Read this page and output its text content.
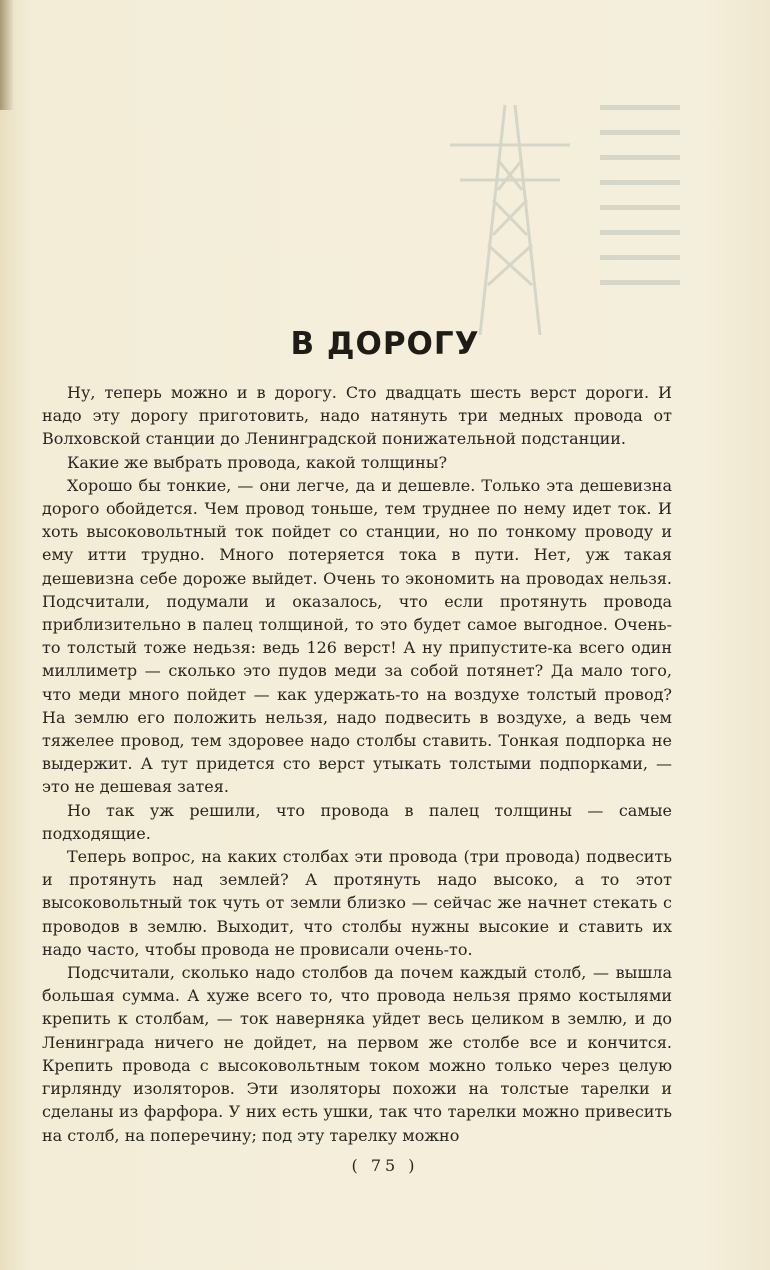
В ДОРОГУ

Ну, теперь можно и в дорогу. Сто двадцать шесть верст дороги. И надо эту дорогу приготовить, надо натянуть три медных провода от Волховской станции до Ленинградской понижательной подстанции.

Какие же выбрать провода, какой толщины?

Хорошо бы тонкие, — они легче, да и дешевле. Только эта дешевизна дорого обойдется. Чем провод тоньше, тем труднее по нему идет ток. И хоть высоковольтный ток пойдет со станции, но по тонкому проводу и ему итти трудно. Много потеряется тока в пути. Нет, уж такая дешевизна себе дороже выйдет. Очень то экономить на проводах нельзя. Подсчитали, подумали и оказалось, что если протянуть провода приблизительно в палец толщиной, то это будет самое выгодное. Очень-то толстый тоже недьзя: ведь 126 верст! А ну припустите-ка всего один миллиметр — сколько это пудов меди за собой потянет? Да мало того, что меди много пойдет — как удержать-то на воздухе толстый провод? На землю его положить нельзя, надо подвесить в воздухе, а ведь чем тяжелее провод, тем здоровее надо столбы ставить. Тонкая подпорка не выдержит. А тут придется сто верст утыкать толстыми подпорками, — это не дешевая затея.

Но так уж решили, что провода в палец толщины — самые подходящие.

Теперь вопрос, на каких столбах эти провода (три провода) подвесить и протянуть над землей? А протянуть надо высоко, а то этот высоковольтный ток чуть от земли близко — сейчас же начнет стекать с проводов в землю. Выходит, что столбы нужны высокие и ставить их надо часто, чтобы провода не провисали очень-то.

Подсчитали, сколько надо столбов да почем каждый столб, — вышла большая сумма. А хуже всего то, что провода нельзя прямо костылями крепить к столбам, — ток наверняка уйдет весь целиком в землю, и до Ленинграда ничего не дойдет, на первом же столбе все и кончится. Крепить провода с высоковольтным током можно только через целую гирлянду изоляторов. Эти изоляторы похожи на толстые тарелки и сделаны из фарфора. У них есть ушки, так что тарелки можно привесить на столб, на поперечину; под эту тарелку можно

( 75 )
